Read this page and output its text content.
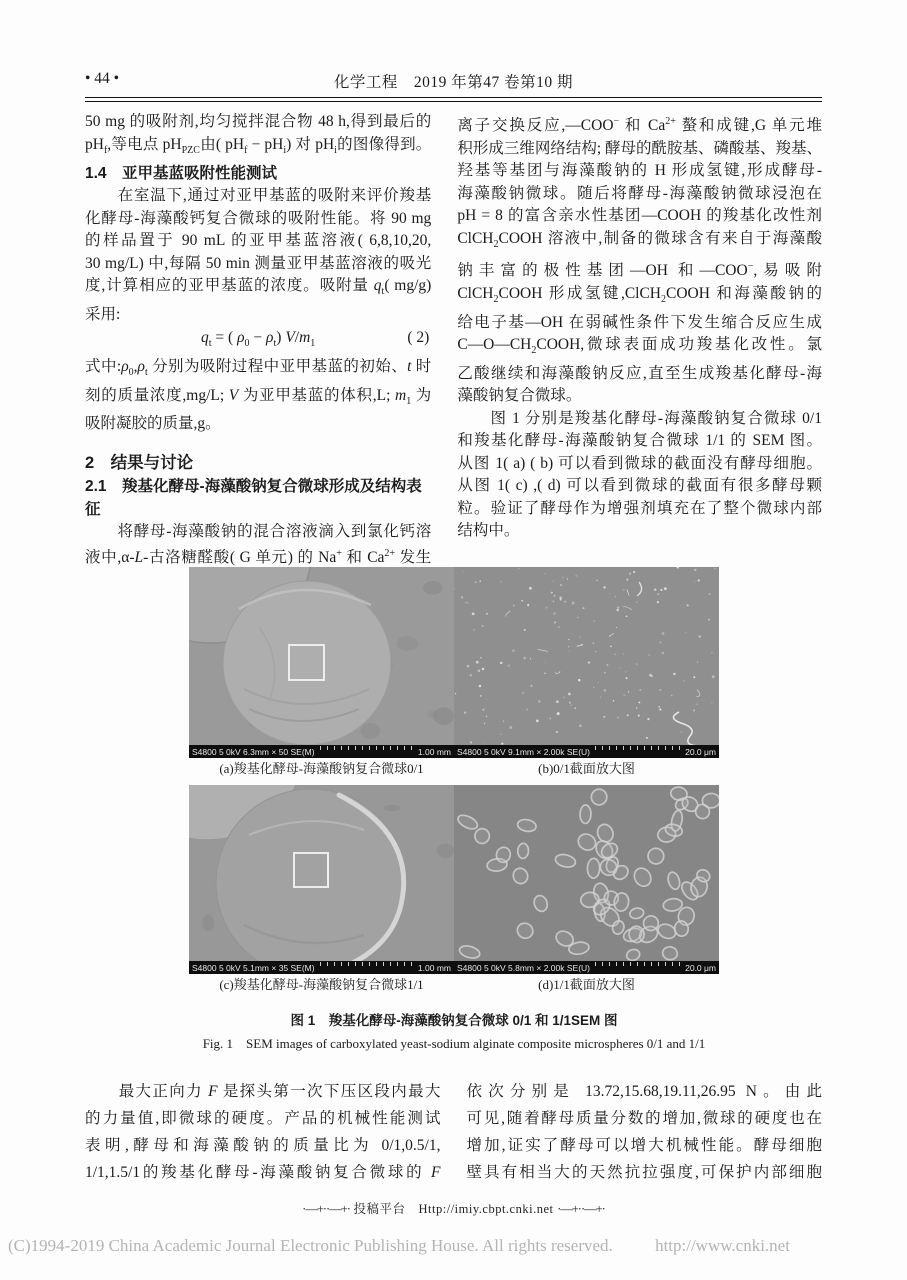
• 44 •	化学工程　2019 年第47 卷第10 期
50 mg 的吸附剂,均匀搅拌混合物 48 h,得到最后的
$pH_f$,等电点 $pH_{PZC}$由( $pH_f - pH_i$) 对 $pH_i$的图像得到。
1.4　亚甲基蓝吸附性能测试
　　在室温下,通过对亚甲基蓝的吸附来评价羧基
化酵母-海藻酸钙复合微球的吸附性能。将 90 mg
的样品置于 90 mL 的亚甲基蓝溶液( 6,8,10,20,
30 mg/L) 中,每隔 50 min 测量亚甲基蓝溶液的吸光
度,计算相应的亚甲基蓝的浓度。吸附量 $q_t$( mg/g)
采用:
$q_t$ = ( $\rho_0 - \rho_t$) $V/m_1$	( 2)
式中$:\rho_0,\rho_t$ 分别为吸附过程中亚甲基蓝的初始、t 时
刻的质量浓度,mg/L; V 为亚甲基蓝的体积,L; $m_1$ 为
吸附凝胶的质量,g。
2　结果与讨论
2.1　羧基化酵母-海藻酸钠复合微球形成及结构表征
　　将酵母-海藻酸钠的混合溶液滴入到氯化钙溶
液中,α-L-古洛糖醛酸( G 单元) 的 Na+ 和 $Ca^{2+}$ 发生
离子交换反应,—COO− 和 $Ca^{2+}$ 螯和成键,G 单元堆
积形成三维网络结构; 酵母的酰胺基、磷酸基、羧基、
羟基等基团与海藻酸钠的 H 形成氢键,形成酵母-
海藻酸钠微球。随后将酵母-海藻酸钠微球浸泡在
pH = 8 的富含亲水性基团—COOH 的羧基化改性剂
ClCH$_2$COOH 溶液中,制备的微球含有来自于海藻酸
钠丰富的极性基团—OH 和—COO−,易吸附
ClCH$_2$COOH 形成氢键,ClCH$_2$COOH 和海藻酸钠的
给电子基—OH 在弱碱性条件下发生缩合反应生成
$C—O—CH_2COOH$,微球表面成功羧基化改性。氯
乙酸继续和海藻酸钠反应,直至生成羧基化酵母-海
藻酸钠复合微球。
　　图 1 分别是羧基化酵母-海藻酸钠复合微球 0/1
和羧基化酵母-海藻酸钠复合微球 1/1 的 SEM 图。
从图 1( a) ( b) 可以看到微球的截面没有酵母细胞。
从图 1( c) ,( d) 可以看到微球的截面有很多酵母颗
粒。验证了酵母作为增强剂填充在了整个微球内部
结构中。
S4800 5 0kV 6.3mm × 50 SE(M)	1.00 mm S4800 5 0kV 9.1mm × 2.00k SE(U)	20.0 μm
(a)羧基化酵母-海藻酸钠复合微球0/1	(b)0/1截面放大图
S4800 5 0kV 5.1mm × 35 SE(M)	1.00 mm S4800 5 0kV 5.8mm × 2.00k SE(U)	20.0 μm
(c)羧基化酵母-海藻酸钠复合微球1/1	(d)1/1截面放大图
图 1　羧基化酵母-海藻酸钠复合微球 0/1 和 1/1SEM 图
Fig. 1　SEM images of carboxylated yeast-sodium alginate composite microspheres 0/1 and 1/1
　　最大正向力 F 是探头第一次下压区段内最大
的力量值,即微球的硬度。产品的机械性能测试
表明,酵母和海藻酸钠的质量比为 0/1,0.5/1,
1/1,1.5/1的羧基化酵母-海藻酸钠复合微球的 F
依次分别是 13.72,15.68,19.11,26.95 N。由此
可见,随着酵母质量分数的增加,微球的硬度也在
增加,证实了酵母可以增大机械性能。酵母细胞
壁具有相当大的天然抗拉强度,可保护内部细胞
·—+··—+· 投稿平台　Http://imiy.cbpt.cnki.net ·—+··—+·
(C)1994-2019 China Academic Journal Electronic Publishing House. All rights reserved. http://www.cnki.net
